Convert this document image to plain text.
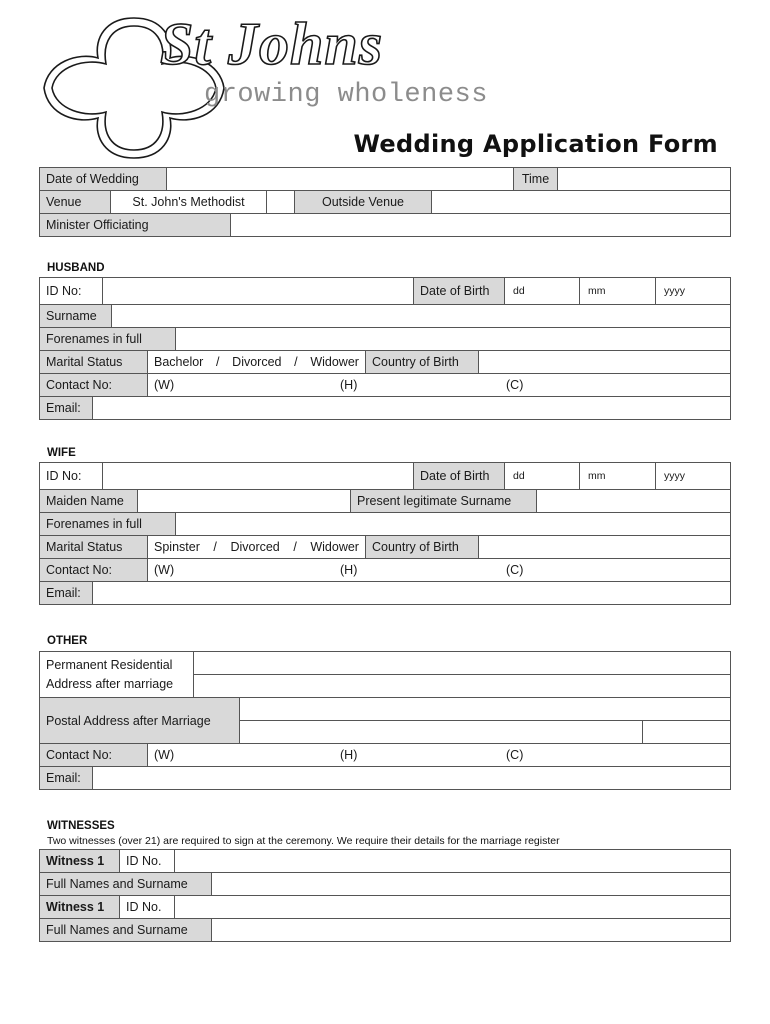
St Johns
growing wholeness
Wedding Application Form
Date of Wedding	Time
Venue	St. John's Methodist	Outside Venue
Minister Officiating
HUSBAND
ID No:	Date of Birth	dd	mm	yyyy
Surname
Forenames in full
Marital Status	Bachelor / Divorced / Widower	Country of Birth
Contact No:	(W)	(H)	(C)
Email:
WIFE
ID No:	Date of Birth	dd	mm	yyyy
Maiden Name	Present legitimate Surname
Forenames in full
Marital Status	Spinster / Divorced / Widower	Country of Birth
Contact No:	(W)	(H)	(C)
Email:
OTHER
Permanent Residential
Address after marriage
Postal Address after Marriage
Contact No:	(W)	(H)	(C)
Email:
WITNESSES
Two witnesses (over 21) are required to sign at the ceremony. We require their details for the marriage register
Witness 1	ID No.
Full Names and Surname
Witness 1	ID No.
Full Names and Surname
